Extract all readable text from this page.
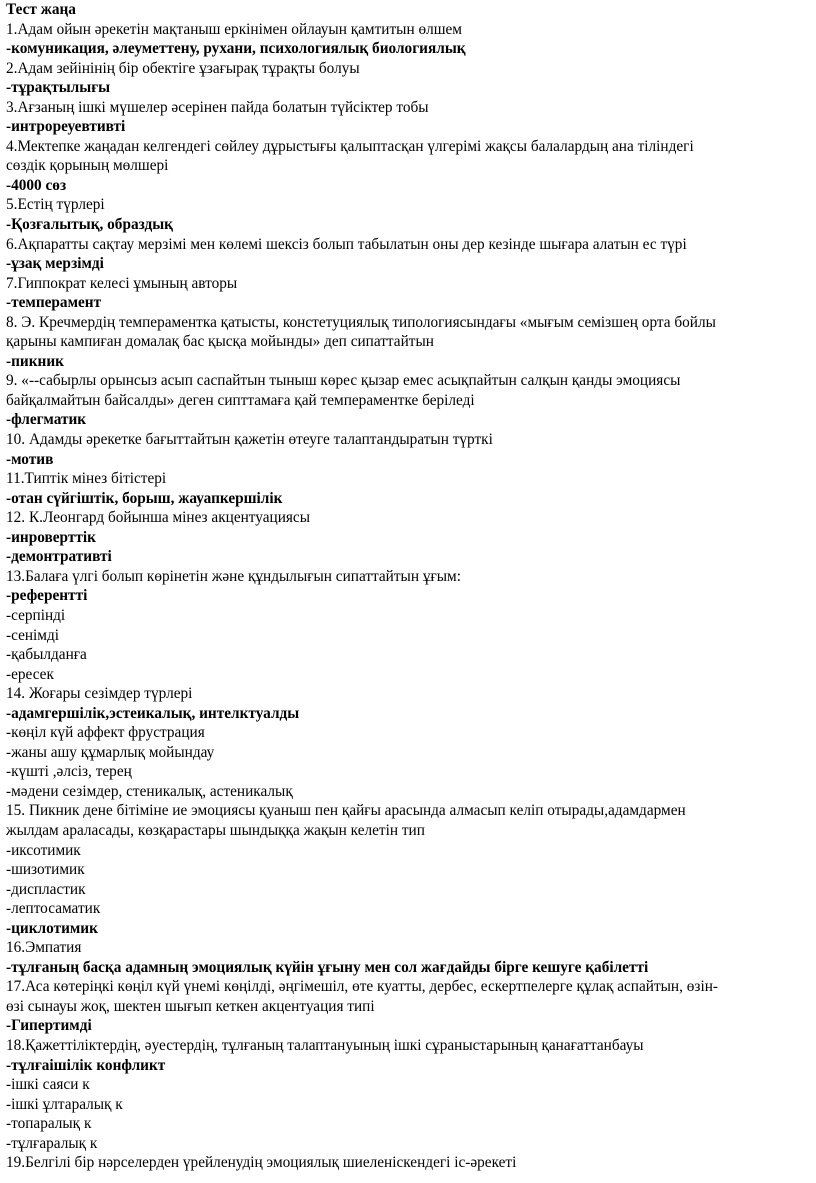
Тест жаңа

1.Адам ойын әрекетін мақтаныш еркінімен ойлауын қамтитын өлшем

-комуникация, әлеуметтену, рухани, психологиялық биологиялық

2.Адам зейінінің бір обектіге ұзағырақ тұрақты болуы

-тұрақтылығы

3.Ағзаның ішкі мүшелер әсерінен пайда болатын түйсіктер тобы

-интрореуевтивті

4.Мектепке жаңадан келгендегі сөйлеу дұрыстығы қалыптасқан үлгерімі жақсы балалардың ана тіліндегі

сөздік қорының мөлшері

-4000 сөз

5.Естің түрлері

-Қозғалытық, образдық

6.Ақпаратты сақтау мерзімі мен көлемі шексіз болып табылатын оны дер кезінде шығара алатын ес түрі

-ұзақ мерзімді

7.Гиппократ келесі ұмының авторы

-темперамент

8. Э. Кречмердің темпераментка қатысты, констетуциялық типологиясындағы «мығым семізшең орта бойлы

қарыны кампиған домалақ бас қысқа мойынды» деп сипаттайтын

-пикник

9. «--сабырлы орынсыз асып саспайтын тыныш көрес қызар емес асықпайтын салқын қанды эмоциясы

байқалмайтын байсалды» деген сипттамаға қай темпераментке беріледі

-флегматик

10. Адамды әрекетке бағыттайтын қажетін өтеуге талаптандыратын түрткі

-мотив

11.Типтік мінез бітістері

-отан сүйгіштік, борыш, жауапкершілік

12. К.Леонгард бойынша мінез акцентуациясы

-инроверттік

-демонтративті

13.Балаға үлгі болып көрінетін және құндылығын сипаттайтын ұғым:

-референтті

-серпінді

-сенімді

-қабылданға

-ересек

14. Жоғары сезімдер түрлері

-адамгершілік,эстеикалық, интелктуалды

-көңіл күй аффект фрустрация

-жаны ашу құмарлық мойындау

-күшті ,әлсіз, терең

-мәдени сезімдер, стеникалық, астеникалық

15. Пикник дене бітіміне ие эмоциясы қуаныш пен қайғы арасында алмасып келіп отырады,адамдармен

жылдам араласады, көзқарастары шындыққа жақын келетін тип

-иксотимик

-шизотимик

-диспластик

-лептосаматик

-циклотимик

16.Эмпатия

-тұлғаның басқа адамның эмоциялық күйін ұғыну мен сол жағдайды бірге кешуге қабілетті

17.Аса көтеріңкі көңіл күй үнемі көңілді, әңгімешіл, өте куатты, дербес, ескертпелерге құлақ аспайтын, өзін-

өзі сынауы жоқ, шектен шығып кеткен акцентуация типі

-Гипертимді

18.Қажеттіліктердің, әуестердің, тұлғаның талаптануының ішкі сұраныстарының қанағаттанбауы

-тұлғаішілік конфликт

-ішкі саяси к

-ішкі ұлтаралық к

-топаралық к

-тұлғаралық к

19.Белгілі бір нәрселерден үрейленудің эмоциялық шиеленіскендегі іс-әрекеті
